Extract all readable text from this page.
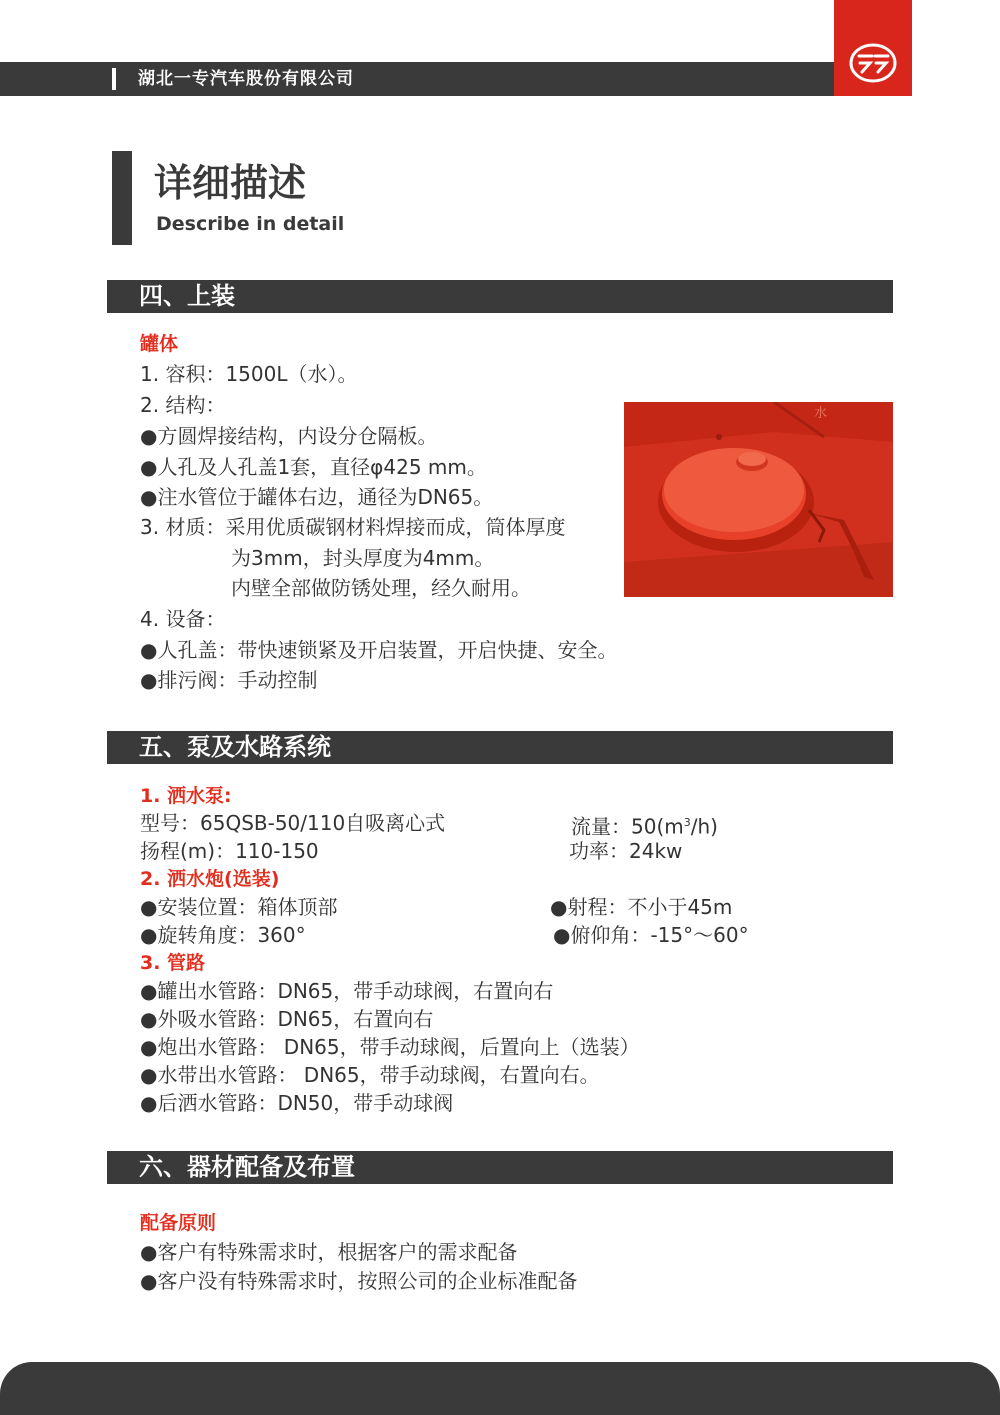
湖北一专汽车股份有限公司
详细描述
Describe in detail
四、上装
罐体
1. 容积：1500L（水）。
2. 结构：
●方圆焊接结构，内设分仓隔板。
●人孔及人孔盖1套，直径φ425 mm。
●注水管位于罐体右边，通径为DN65。
3. 材质：采用优质碳钢材料焊接而成，筒体厚度
为3mm，封头厚度为4mm。
内壁全部做防锈处理，经久耐用。
4. 设备：
●人孔盖：带快速锁紧及开启装置，开启快捷、安全。
●排污阀：手动控制
水
五、泵及水路系统
1. 洒水泵:
型号：65QSB-50/110自吸离心式	流量：$50(m^3/h)$
扬程(m)：110-150	功率：24kw
2. 洒水炮(选装)
●安装位置：箱体顶部	●射程：不小于45m
●旋转角度：360°	●俯仰角：-15°～60°
3. 管路
●罐出水管路：DN65，带手动球阀，右置向右
●外吸水管路：DN65，右置向右
●炮出水管路： DN65，带手动球阀，后置向上（选装）
●水带出水管路： DN65，带手动球阀，右置向右。
●后洒水管路：DN50，带手动球阀
六、器材配备及布置
配备原则
●客户有特殊需求时，根据客户的需求配备
●客户没有特殊需求时，按照公司的企业标准配备
